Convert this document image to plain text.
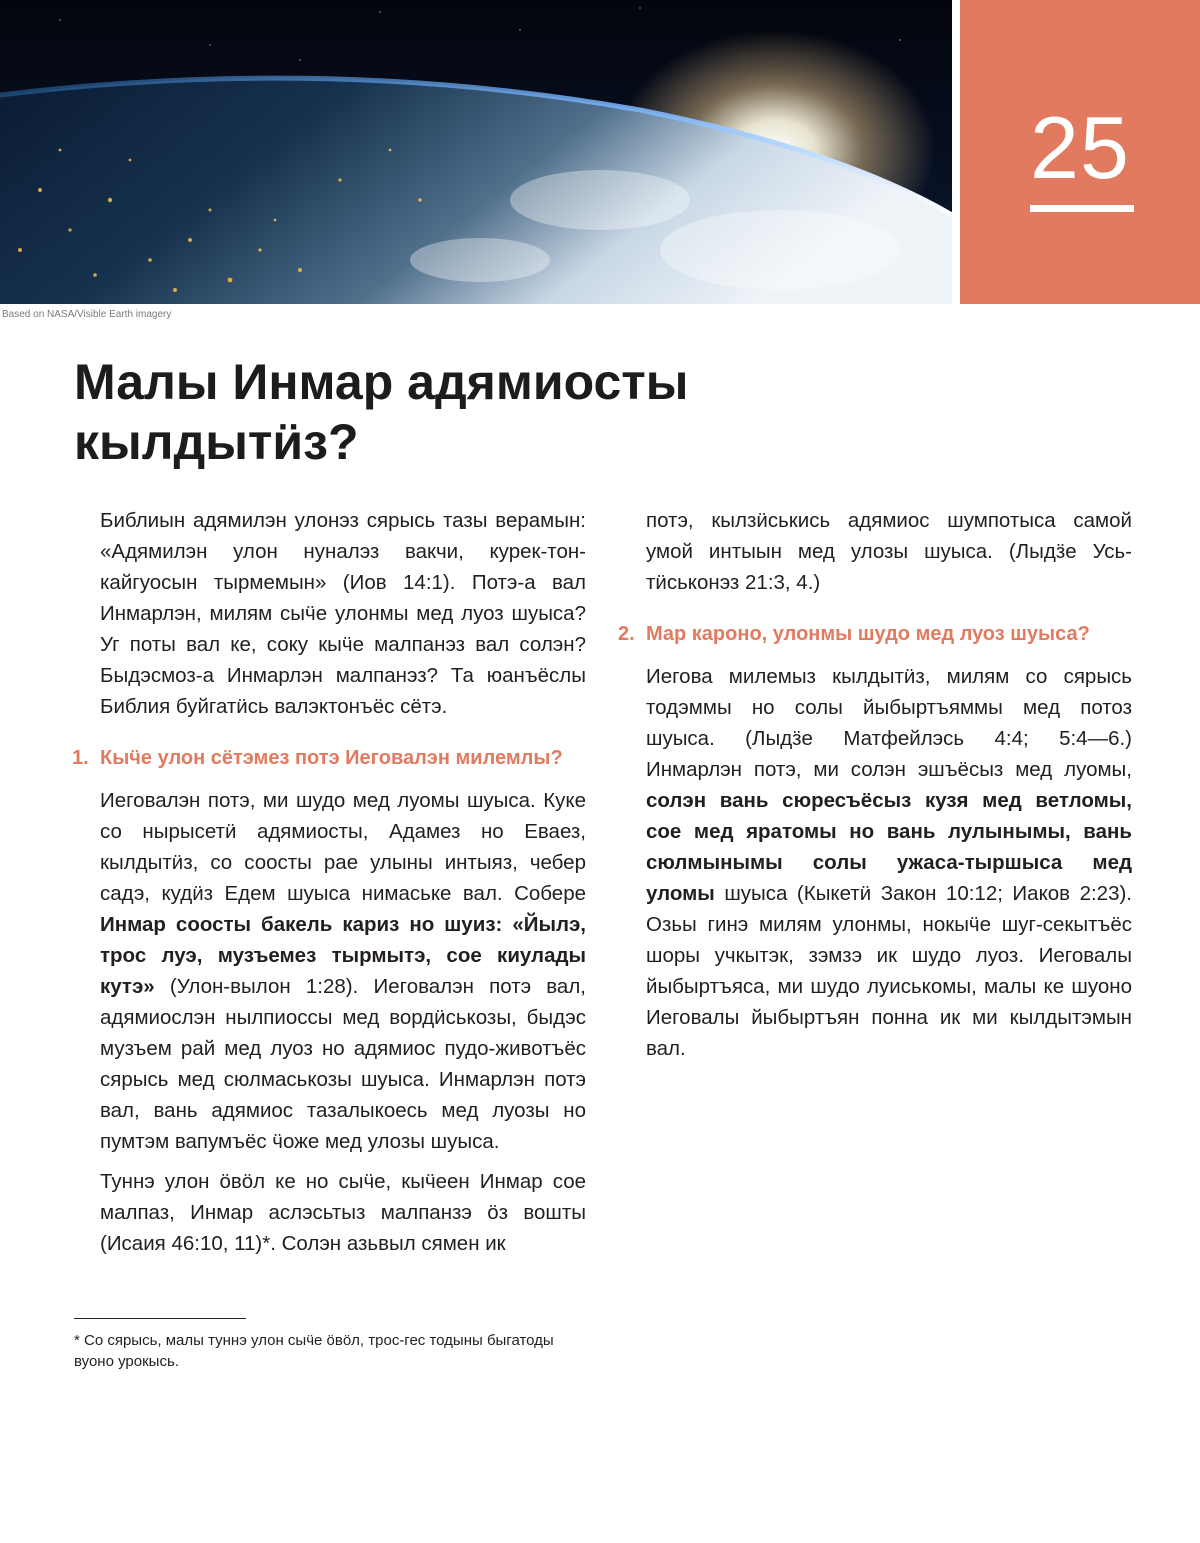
25
Based on NASA/Visible Earth imagery
Малы Инмар адямиосты кылдытӥз?

Библиын адямилэн улонэз сярысь тазы верамын: «Адямилэн улон нуналэз вакчи, курек-тон-кайгуосын тырмемын» (Иов 14:1). Потэ-а вал Инмарлэн, милям сыӵе улонмы мед луоз шуыса? Уг поты вал ке, соку кыӵе малпанэз вал солэн? Быдэсмоз-а Инмарлэн малпанэз? Та юанъёслы Библия буйгатӥсь валэктонъёс сётэ.

1. Кыӵе улон сётэмез потэ Иеговалэн милемлы?

Иеговалэн потэ, ми шудо мед луомы шуыса. Куке со нырысетӥ адямиосты, Адамез но Еваез, кылдытӥз, со соосты рае улыны интыяз, чебер садэ, кудӥз Едем шуыса нимаське вал. Собере Инмар соосты бакель кариз но шуиз: «Йылэ, трос луэ, музъемез тырмытэ, сое киулады кутэ» (Улон-вылон 1:28). Иеговалэн потэ вал, адямиослэн нылпиоссы мед вордӥськозы, быдэс музъем рай мед луоз но адямиос пудо-животъёс сярысь мед сюлмаськозы шуыса. Инмарлэн потэ вал, вань адямиос тазалыкоесь мед луозы но пумтэм вапумъёс ӵоже мед улозы шуыса.

Туннэ улон ӧвӧл ке но сыӵе, кыӵеен Инмар сое малпаз, Инмар аслэсьтыз малпанзэ ӧз вошты (Исаия 46:10, 11)*. Солэн азьвыл сямен ик

потэ, кылзӥськись адямиос шумпотыса самой умой интыын мед улозы шуыса. (Лыдӟе Усь-тӥськонэз 21:3, 4.)

2. Мар кароно, улонмы шудо мед луоз шуыса?

Иегова милемыз кылдытӥз, милям со сярысь тодэммы но солы йыбыртъяммы мед потоз шуыса. (Лыдӟе Матфейлэсь 4:4; 5:4—6.) Инмарлэн потэ, ми солэн эшъёсыз мед луомы, солэн вань сюресъёсыз кузя мед ветломы, сое мед яратомы но вань лулынымы, вань сюлмынымы солы ужаса-тыршыса мед уломы шуыса (Кыкетӥ Закон 10:12; Иаков 2:23). Озьы гинэ милям улонмы, нокыӵе шуг-секытъёс шоры учкытэк, зэмзэ ик шудо луоз. Иеговалы йыбыртъяса, ми шудо луиськомы, малы ке шуоно Иеговалы йыбыртъян понна ик ми кылдытэмын вал.

* Со сярысь, малы туннэ улон сыӵе ӧвӧл, трос-гес тодыны быгатоды вуоно урокысь.
